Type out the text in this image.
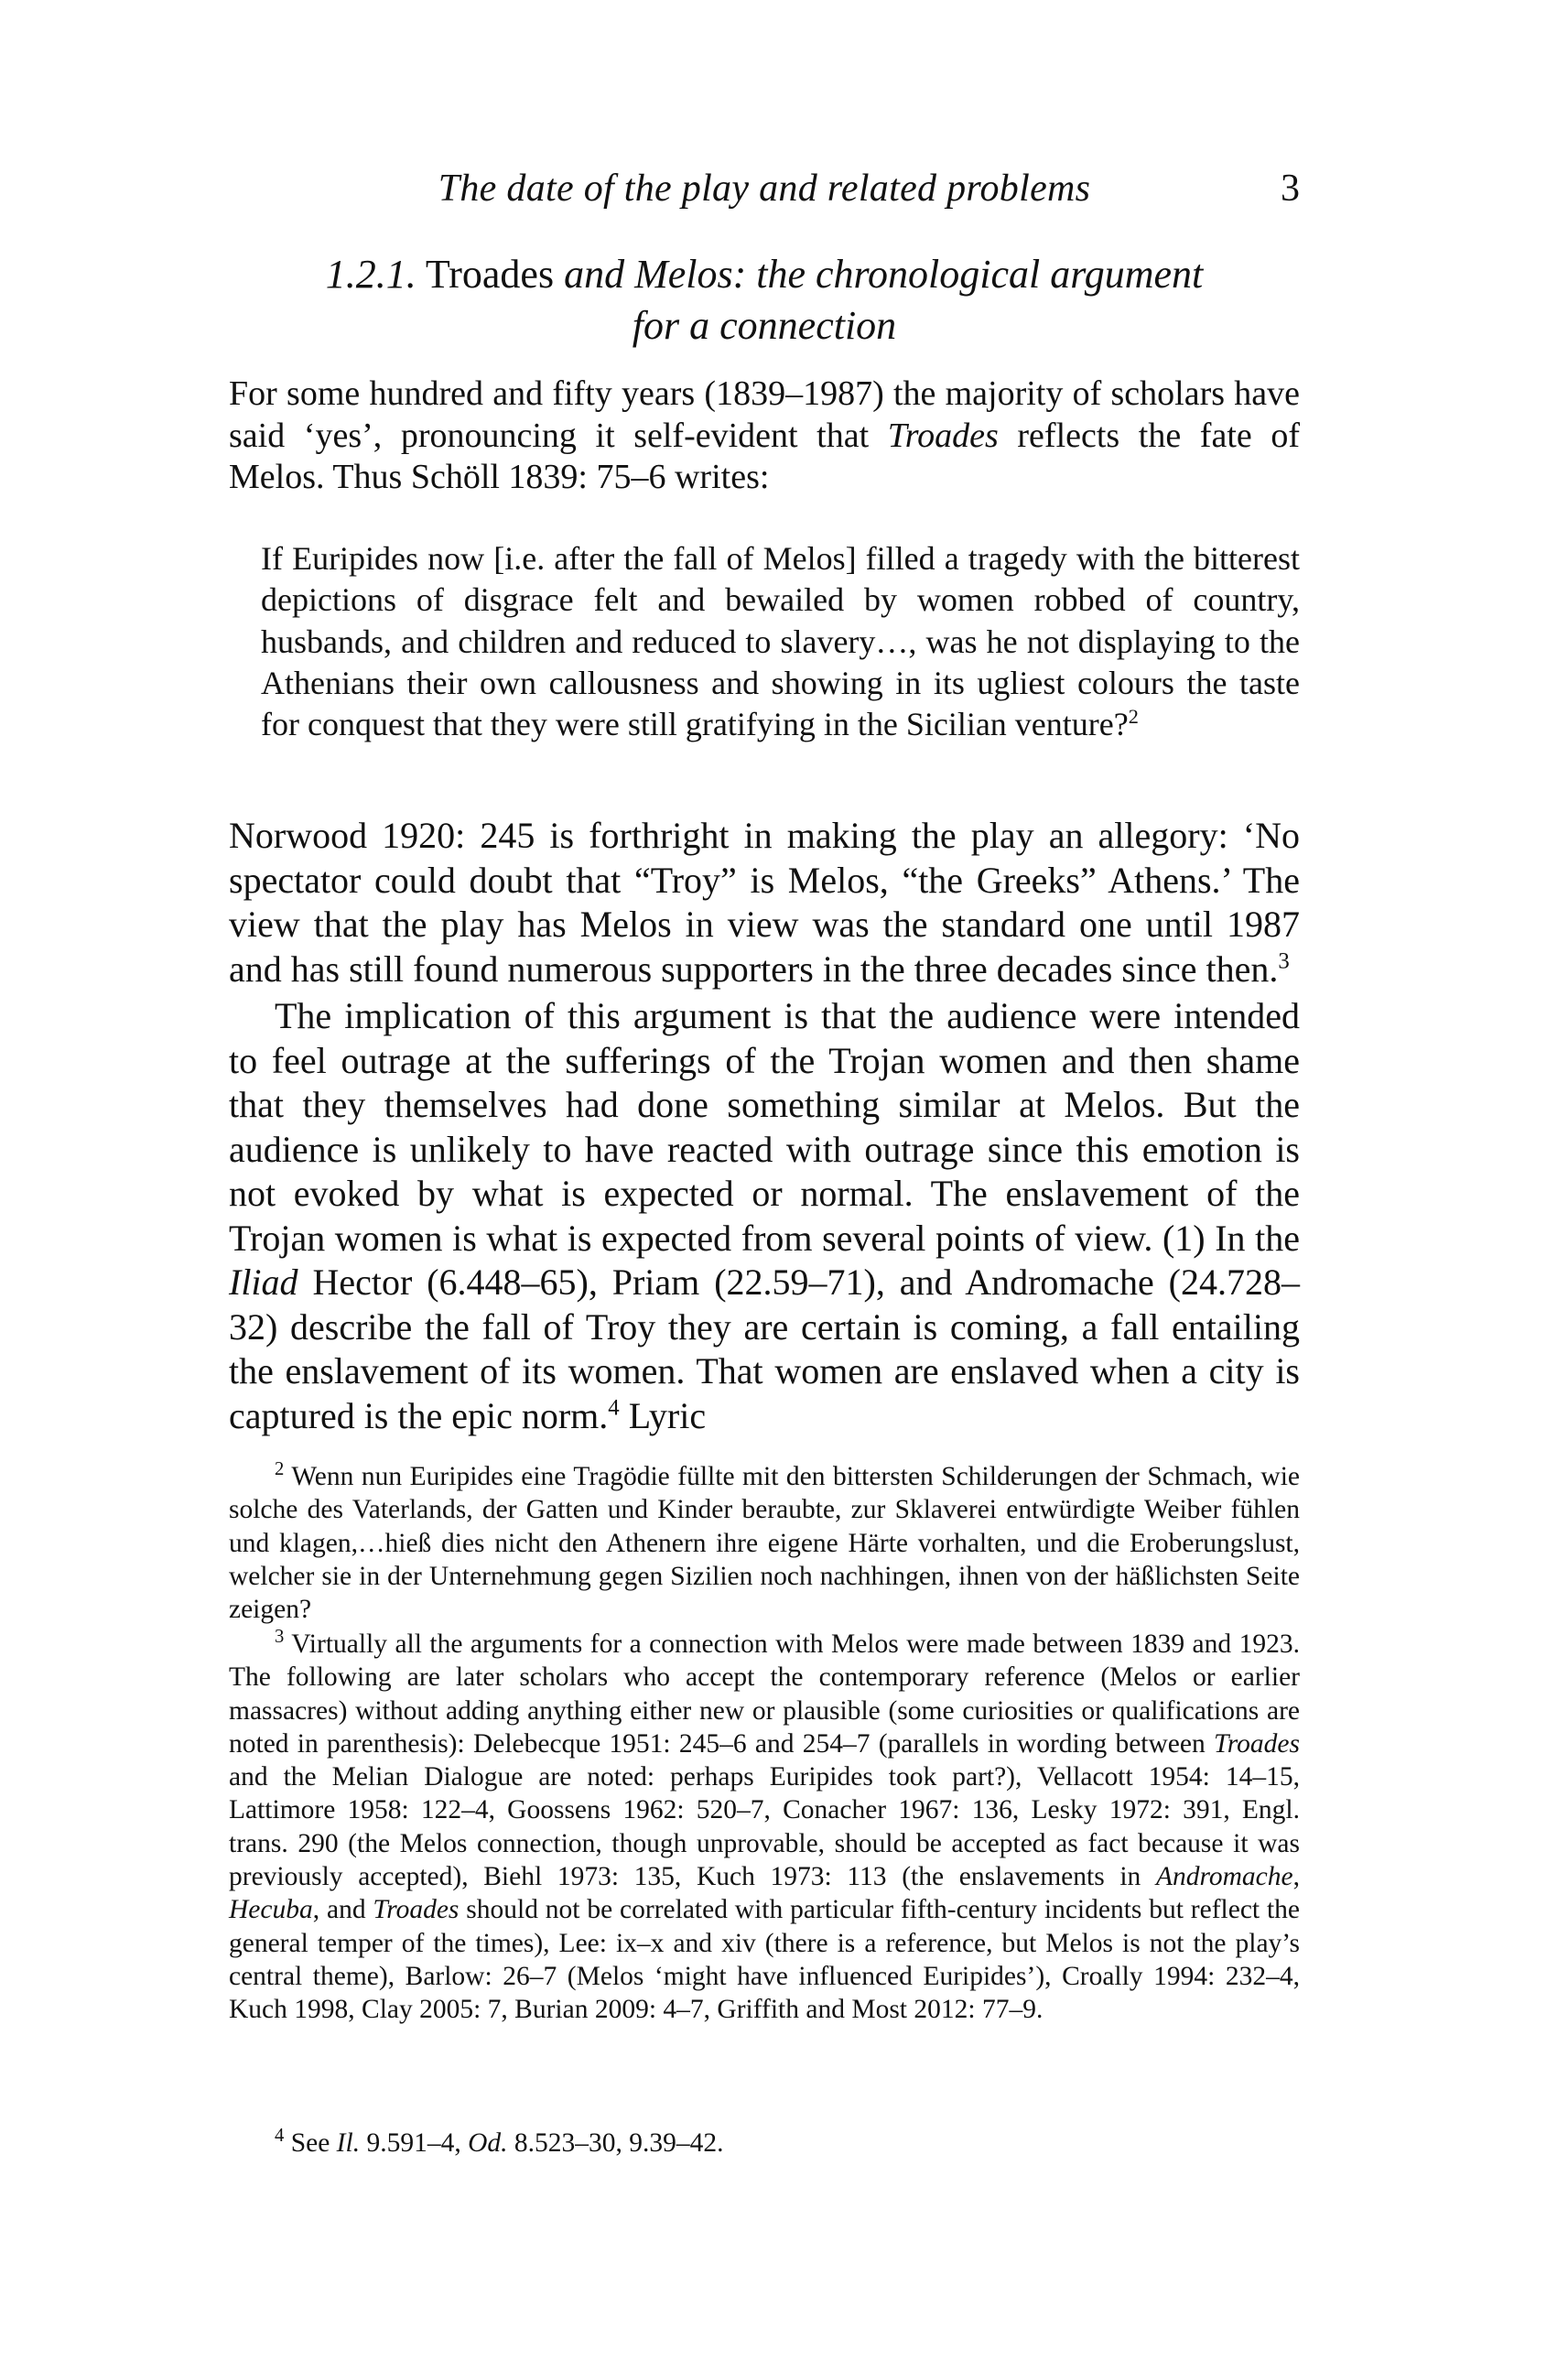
The date of the play and related problems	3
1.2.1. Troades and Melos: the chronological argument
for a connection

For some hundred and fifty years (1839–1987) the majority of scholars have said ‘yes’, pronouncing it self-evident that Troades reflects the fate of Melos. Thus Schöll 1839: 75–6 writes:

If Euripides now [i.e. after the fall of Melos] filled a tragedy with the bitterest depictions of disgrace felt and bewailed by women robbed of country, husbands, and children and reduced to slavery…, was he not displaying to the Athenians their own callousness and showing in its ugliest colours the taste for conquest that they were still gratifying in the Sicilian venture?$^2$

Norwood 1920: 245 is forthright in making the play an allegory: ‘No spectator could doubt that “Troy” is Melos, “the Greeks” Athens.’ The view that the play has Melos in view was the standard one until 1987 and has still found numerous supporters in the three decades since then.$^3$

The implication of this argument is that the audience were intended to feel outrage at the sufferings of the Trojan women and then shame that they themselves had done something similar at Melos. But the audience is unlikely to have reacted with outrage since this emotion is not evoked by what is expected or normal. The enslavement of the Trojan women is what is expected from several points of view. (1) In the Iliad Hector (6.448–65), Priam (22.59–71), and Andromache (24.728–32) describe the fall of Troy they are certain is coming, a fall entailing the enslavement of its women. That women are enslaved when a city is captured is the epic norm.$^4$ Lyric

$^2$ Wenn nun Euripides eine Tragödie füllte mit den bittersten Schilderungen der Schmach, wie solche des Vaterlands, der Gatten und Kinder beraubte, zur Sklaverei entwürdigte Weiber fühlen und klagen,…hieß dies nicht den Athenern ihre eigene Härte vorhalten, und die Eroberungslust, welcher sie in der Unternehmung gegen Sizilien noch nachhingen, ihnen von der häßlichsten Seite zeigen?

$^3$ Virtually all the arguments for a connection with Melos were made between 1839 and 1923. The following are later scholars who accept the contemporary reference (Melos or earlier massacres) without adding anything either new or plausible (some curiosities or qualifications are noted in parenthesis): Delebecque 1951: 245–6 and 254–7 (parallels in wording between Troades and the Melian Dialogue are noted: perhaps Euripides took part?), Vellacott 1954: 14–15, Lattimore 1958: 122–4, Goossens 1962: 520–7, Conacher 1967: 136, Lesky 1972: 391, Engl. trans. 290 (the Melos connection, though unprovable, should be accepted as fact because it was previously accepted), Biehl 1973: 135, Kuch 1973: 113 (the enslavements in Andromache, Hecuba, and Troades should not be correlated with particular fifth-century incidents but reflect the general temper of the times), Lee: ix–x and xiv (there is a reference, but Melos is not the play’s central theme), Barlow: 26–7 (Melos ‘might have influenced Euripides’), Croally 1994: 232–4, Kuch 1998, Clay 2005: 7, Burian 2009: 4–7, Griffith and Most 2012: 77–9.

$^4$ See Il. 9.591–4, Od. 8.523–30, 9.39–42.
